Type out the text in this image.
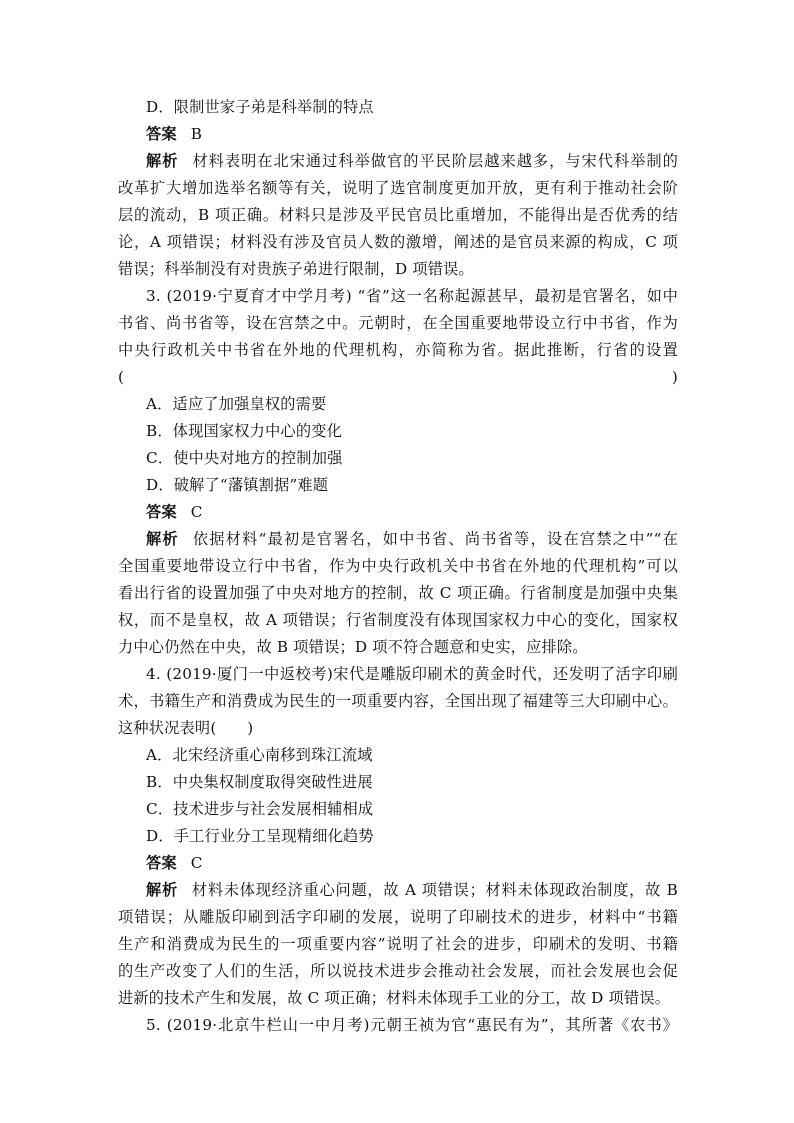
D．限制世家子弟是科举制的特点
答案 B
解析 材料表明在北宋通过科举做官的平民阶层越来越多，与宋代科举制的
改革扩大增加选举名额等有关，说明了选官制度更加开放，更有利于推动社会阶
层的流动，B 项正确。材料只是涉及平民官员比重增加，不能得出是否优秀的结
论，A 项错误；材料没有涉及官员人数的激增，阐述的是官员来源的构成，C 项
错误；科举制没有对贵族子弟进行限制，D 项错误。
3. (2019·宁夏育才中学月考) “省”这一名称起源甚早，最初是官署名，如中
书省、尚书省等，设在宫禁之中。元朝时，在全国重要地带设立行中书省，作为
中央行政机关中书省在外地的代理机构，亦简称为省。据此推断，行省的设置(　　)
A．适应了加强皇权的需要
B．体现国家权力中心的变化
C．使中央对地方的控制加强
D．破解了“藩镇割据”难题
答案 C
解析 依据材料“最初是官署名，如中书省、尚书省等，设在宫禁之中”“在
全国重要地带设立行中书省，作为中央行政机关中书省在外地的代理机构”可以
看出行省的设置加强了中央对地方的控制，故 C 项正确。行省制度是加强中央集
权，而不是皇权，故 A 项错误；行省制度没有体现国家权力中心的变化，国家权
力中心仍然在中央，故 B 项错误；D 项不符合题意和史实，应排除。
4. (2019·厦门一中返校考)宋代是雕版印刷术的黄金时代，还发明了活字印刷
术，书籍生产和消费成为民生的一项重要内容，全国出现了福建等三大印刷中心。
这种状况表明(　　)
A．北宋经济重心南移到珠江流域
B．中央集权制度取得突破性进展
C．技术进步与社会发展相辅相成
D．手工行业分工呈现精细化趋势
答案 C
解析 材料未体现经济重心问题，故 A 项错误；材料未体现政治制度，故 B
项错误；从雕版印刷到活字印刷的发展，说明了印刷技术的进步，材料中“书籍
生产和消费成为民生的一项重要内容”说明了社会的进步，印刷术的发明、书籍
的生产改变了人们的生活，所以说技术进步会推动社会发展，而社会发展也会促
进新的技术产生和发展，故 C 项正确；材料未体现手工业的分工，故 D 项错误。
5. (2019·北京牛栏山一中月考)元朝王祯为官“惠民有为”，其所著《农书》
